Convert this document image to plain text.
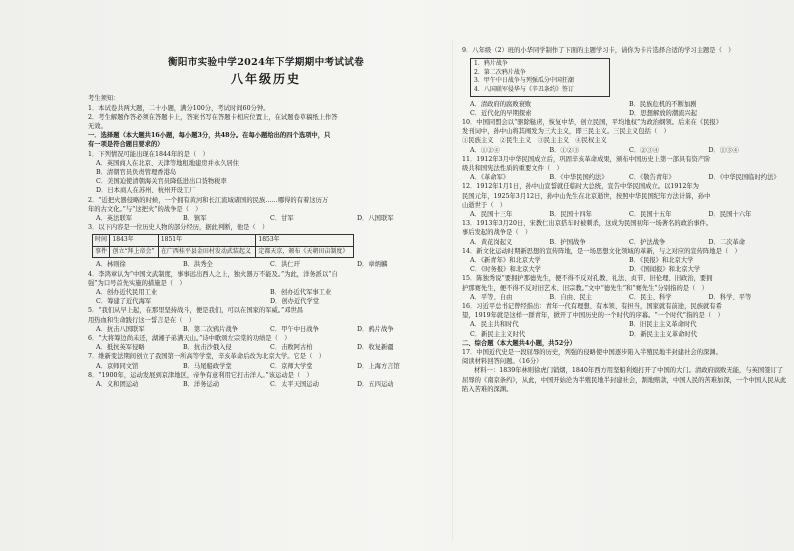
衡阳市实验中学2024年下学期期中考试试卷
八年级历史

考生须知：

1．本试卷共两大题，二十小题，满分100分，考试时间60分钟。

2．考生解题作答必须在答题卡上，答案书写在答题卡相应位置上，在试题卷草稿纸上作答

无效。

一．选择题（本大题共16小题，每小题3分，共48分。在每小题给出的四个选项中，只

有一项是符合题目要求的）

1．下列情况可能出现在1844年的是（　）

A．英国商人在北京、天津等地租地建房并永久居住

B．清朝官员负责管理香港岛

C．美国迫使清朝海关官员降低进出口货物税率

D．日本商人在苏州、杭州开设工厂

2．“近把火器侵略的时候，一个拥有黄河和长江流域诸国的民族……哪得的有着这历万

年的古文化。”与“这把火”的战争是（　）

A．英法联军	B．镇军	C．甘军	D．八国联军

3．以下内容是一位历史人物的部分经历，据此判断，他是（　）

时间	1843年	1851年	1853年
事件	创立“拜上帝会”	在广西桂平县金田村发动武装起义	定都天京，颁布《天朝田亩制度》
A．林则徐	B．洪秀全	C．洪仁玕	D．章炳麟

4．李鸿章认为“中国文武制度，事事远出西人之上，独火器万不能及。”为此，洋务派以“自

强”为口号首先实施的措施是（　）

A．创办近代民用工业	B．创办近代军事工业
C．筹建了近代海军	D．创办近代学堂

5．“我们从早上起，在那里坚持战斗，便是我们，可以在国家的军威。”邓世昌

用热血和生命践行这一誓言是在（　）

A．抗击八国联军	B．第二次鸦片战争	C．甲午中日战争	D．鸦片战争

6．“大将筹边尚未还，湖湘子弟满天山。”诗中歌颂左宗棠的功绩是（　）

A．抵抗英军侵略	B．抗击沙俄入侵	C．击败阿古柏	D．收复新疆

7．维新变法期间创立了我国第一所高等学堂，辛亥革命后改为北京大学。它是（　）

A．京师同文馆	B．马尾船政学堂	C．京师大学堂	D．上海方言馆

8．“1900年，运动发展到京津地区，帝争有意利用它打击洋人。”该运动是（　）

A．义和团运动	B．洋务运动	C．太平天国运动	D．五四运动

9．八年级（2）班的小华同学制作了下面的主题学习卡，请你为卡片选择合适的学习主题是（　）

1．鸦片战争
2．第二次鸦片战争
3．甲午中日战争与列强瓜分中国狂潮
4．八国联军侵华与《辛丑条约》签订
A．清政府的腐败衰败	B．民族危机的不断加剧
C．近代化的早期探索	D．思想解放的潮流兴起

10．中国同盟会以“驱除鞑虏，恢复中华，创立民国，平均地权”为政治纲领。后来在《民报》

发刊词中，孙中山将其阐发为三大主义，即三民主义。三民主义包括（　）

①民族主义　②民生主义　③民主主义　④民权主义

A．①②④	B．①②③	C．②③④	D．①③④

11．1912年3月中华民国成立后，巩固辛亥革命成果，颁布中国历史上第一部具有资产阶

级共和国宪法性质的重要文件（　）

A．《革命军》	B．《中华民国约法》	C．《敬告青年》	D．《中华民国临时约法》

12．1912年1月1日，孙中山宣誓就任临时大总统，宣告中华民国成立。以1912年为

民国元年，1925年3月12日，孙中山先生在北京逝世，按照中华民国纪年方法计算，孙中

山逝世于（　）

A．民国十三年	B．民国十四年	C．民国十五年	D．民国十六年

13．1913年3月20日，宋教仁出京搭车时被刺杀，这成为民国初年一场著名的政治事件。

事后发起的战争是（　）

A．黄花岗起义	B．护国战争	C．护法战争	D．二次革命

14．新文化运动时期新思想的宣传阵地，是一场思想文化领域的革新，与之对应的宣传阵地是（　）

A．《新青年》和北京大学	B．《民报》和北京大学
C．《时务报》和北京大学	D．《国闻报》和北京大学

15．陈独秀说“要拥护那德先生，便不得不反对孔教、礼法、贞节、旧伦理、旧政治，要拥

护那赛先生，便不得不反对旧艺术、旧宗教。”文中“德先生”和“赛先生”分别指的是（　）

A．平等、自由	B．自由、民主	C．民主、科学	D．科学、平等

16．习近平总书记曾经指出：青年一代有理想、有本领、有担当，国家就有前途，民族就有希

望，1919年就是这样一群青年，掀开了中国历史的一个时代的序幕。“一个时代”指的是（　）

A．民主共和时代	B．旧民主主义革命时代
C．新民主主义时代	D．新民主主义革命时代

二、综合题（本大题共4小题，共52分）

17．中国近代史是一段屈辱的历史，列强的侵略使中国逐步陷入半殖民地半封建社会的深渊。

阅读材料回答问题。（16分）

材料一：1839年林则徐虎门销烟，1840年西方用坚船利炮打开了中国的大门。清政府腐败无能，与英国签订了屈辱的《南京条约》，从此，中国开始沦为半殖民地半封建社会，割地赔款，中国人民的苦难加深，一个中国人民从此陷入苦难的深渊。
